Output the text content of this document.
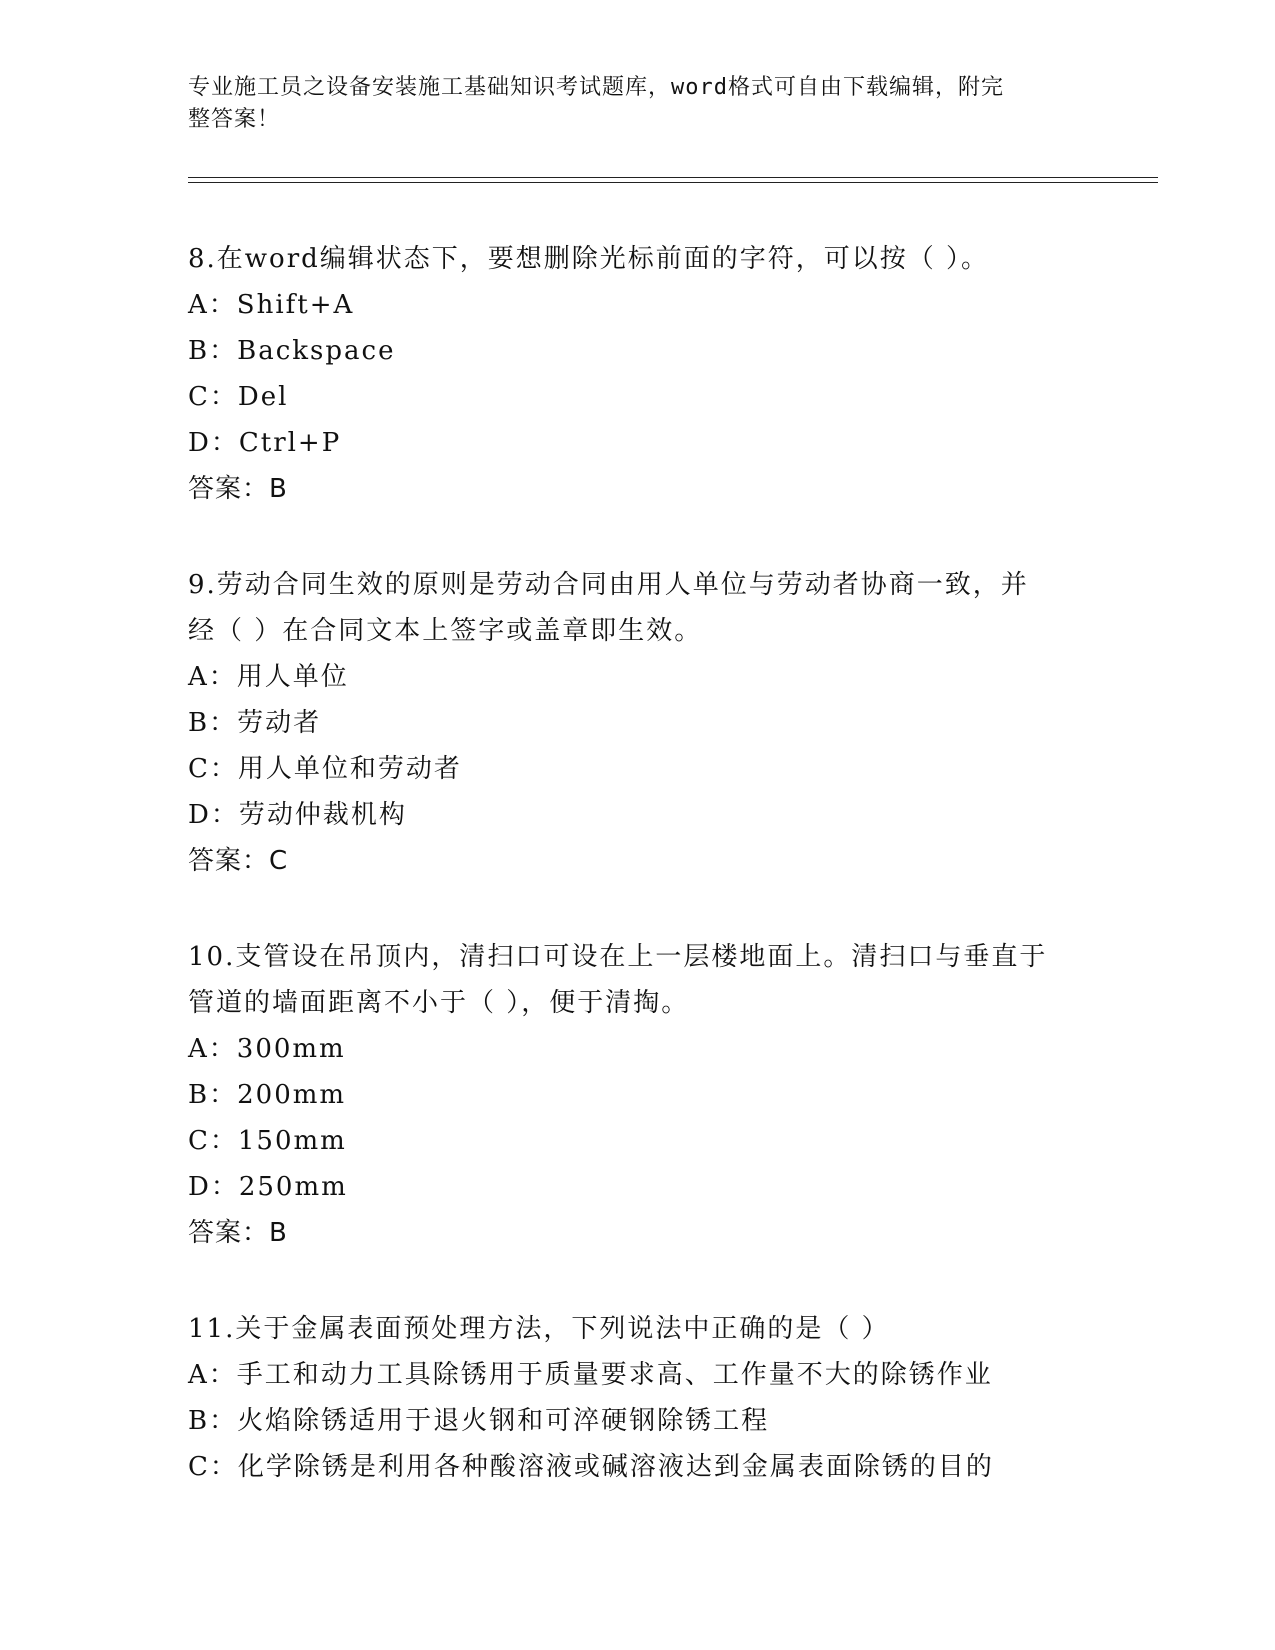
专业施工员之设备安装施工基础知识考试题库，word格式可自由下载编辑，附完
整答案！
8.在word编辑状态下，要想删除光标前面的字符，可以按（ ）。
A：Shift+A
B：Backspace
C：Del
D：Ctrl+P
答案：B
9.劳动合同生效的原则是劳动合同由用人单位与劳动者协商一致，并
经（ ）在合同文本上签字或盖章即生效。
A：用人单位
B：劳动者
C：用人单位和劳动者
D：劳动仲裁机构
答案：C
10.支管设在吊顶内，清扫口可设在上一层楼地面上。清扫口与垂直于
管道的墙面距离不小于（ ），便于清掏。
A：300mm
B：200mm
C：150mm
D：250mm
答案：B
11.关于金属表面预处理方法，下列说法中正确的是（ ）
A：手工和动力工具除锈用于质量要求高、工作量不大的除锈作业
B：火焰除锈适用于退火钢和可淬硬钢除锈工程
C：化学除锈是利用各种酸溶液或碱溶液达到金属表面除锈的目的
